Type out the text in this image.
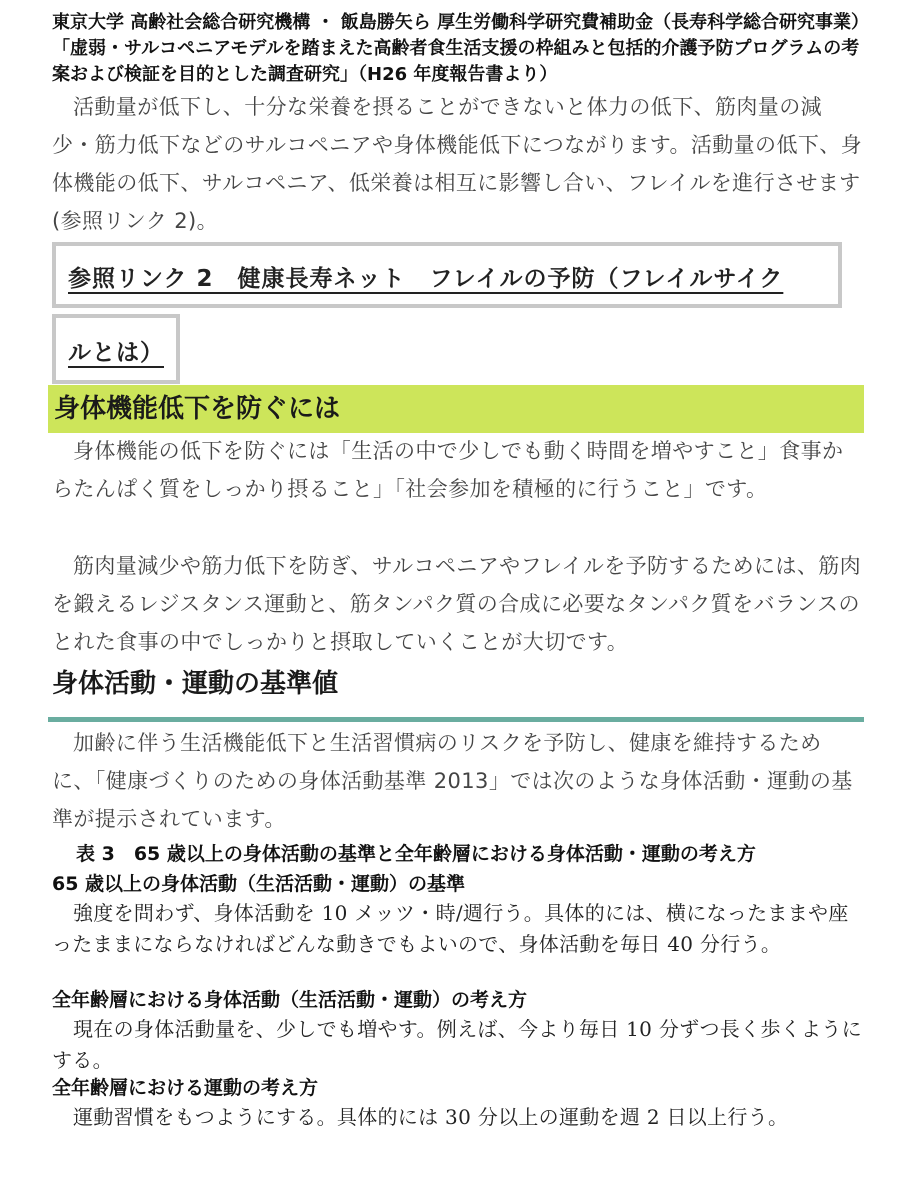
東京大学 高齢社会総合研究機構 ・ 飯島勝矢ら 厚生労働科学研究費補助金（長寿科学総合研究事業）「虚弱・サルコペニアモデルを踏まえた高齢者食生活支援の枠組みと包括的介護予防プログラムの考案および検証を目的とした調査研究」（H26 年度報告書より）
活動量が低下し、十分な栄養を摂ることができないと体力の低下、筋肉量の減少・筋力低下などのサルコペニアや身体機能低下につながります。活動量の低下、身体機能の低下、サルコペニア、低栄養は相互に影響し合い、フレイルを進行させます(参照リンク 2)。
参照リンク 2　健康長寿ネット　フレイルの予防（フレイルサイク
ルとは）
身体機能低下を防ぐには
身体機能の低下を防ぐには「生活の中で少しでも動く時間を増やすこと」食事からたんぱく質をしっかり摂ること」「社会参加を積極的に行うこと」です。
筋肉量減少や筋力低下を防ぎ、サルコペニアやフレイルを予防するためには、筋肉を鍛えるレジスタンス運動と、筋タンパク質の合成に必要なタンパク質をバランスのとれた食事の中でしっかりと摂取していくことが大切です。
身体活動・運動の基準値
加齢に伴う生活機能低下と生活習慣病のリスクを予防し、健康を維持するために、「健康づくりのための身体活動基準 2013」では次のような身体活動・運動の基準が提示されています。
表 3　65 歳以上の身体活動の基準と全年齢層における身体活動・運動の考え方
65 歳以上の身体活動（生活活動・運動）の基準
強度を問わず、身体活動を 10 メッツ・時/週行う。具体的には、横になったままや座ったままにならなければどんな動きでもよいので、身体活動を毎日 40 分行う。
全年齢層における身体活動（生活活動・運動）の考え方
現在の身体活動量を、少しでも増やす。例えば、今より毎日 10 分ずつ長く歩くようにする。
全年齢層における運動の考え方
運動習慣をもつようにする。具体的には 30 分以上の運動を週 2 日以上行う。
